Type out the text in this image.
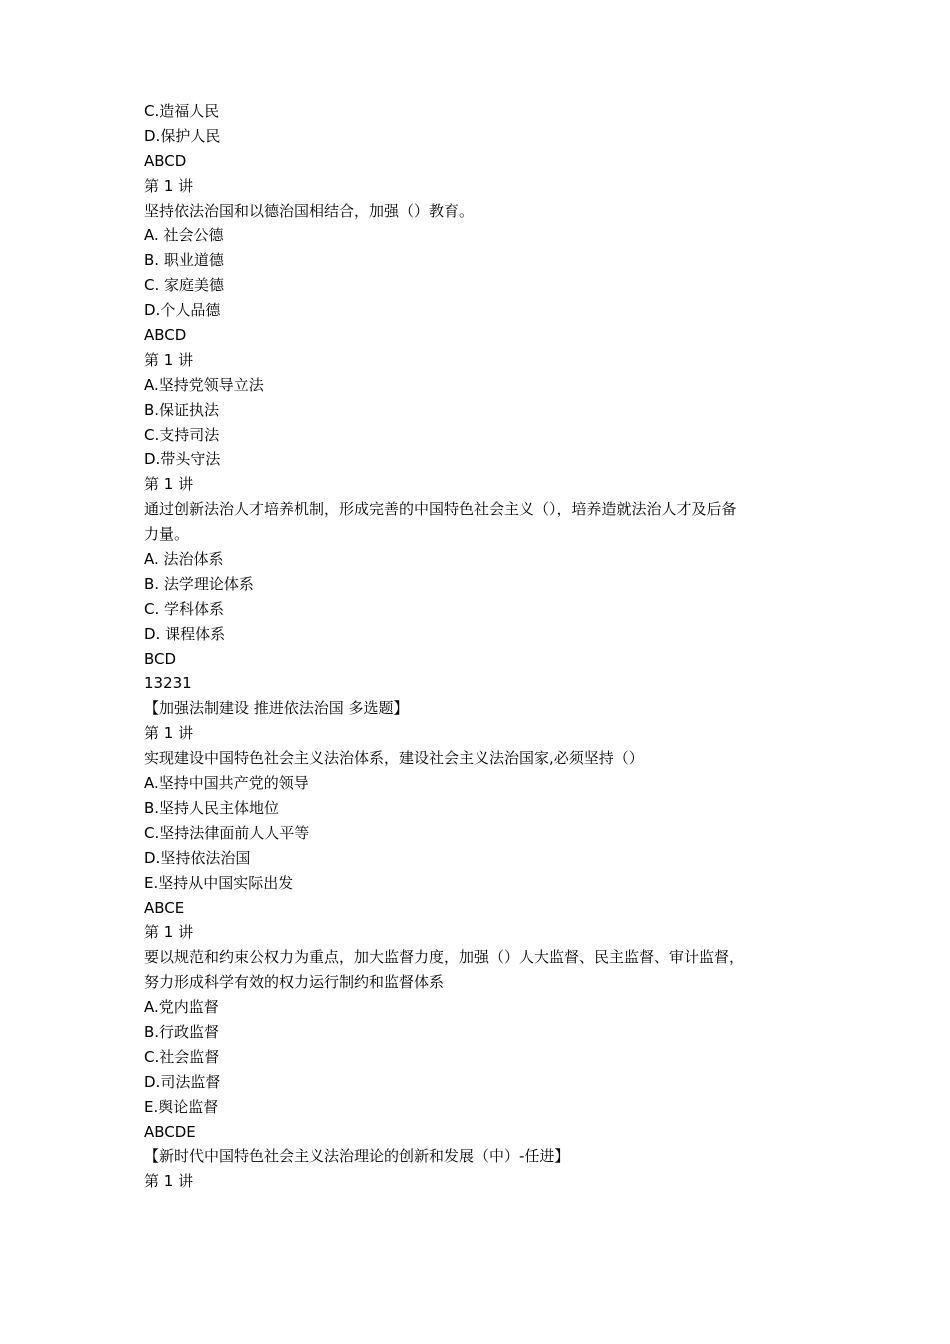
C.造福人民
D.保护人民
ABCD
第 1 讲
坚持依法治国和以德治国相结合，加强（）教育。
A. 社会公德
B. 职业道德
C. 家庭美德
D.个人品德
ABCD
第 1 讲
A.坚持党领导立法
B.保证执法
C.支持司法
D.带头守法
第 1 讲
通过创新法治人才培养机制，形成完善的中国特色社会主义（），培养造就法治人才及后备
力量。
A. 法治体系
B. 法学理论体系
C. 学科体系
D. 课程体系
BCD
13231
【加强法制建设 推进依法治国 多选题】
第 1 讲
实现建设中国特色社会主义法治体系，建设社会主义法治国家,必须坚持（）
A.坚持中国共产党的领导
B.坚持人民主体地位
C.坚持法律面前人人平等
D.坚持依法治国
E.坚持从中国实际出发
ABCE
第 1 讲
要以规范和约束公权力为重点，加大监督力度，加强（）人大监督、民主监督、审计监督，
努力形成科学有效的权力运行制约和监督体系
A.党内监督
B.行政监督
C.社会监督
D.司法监督
E.舆论监督
ABCDE
【新时代中国特色社会主义法治理论的创新和发展（中）-任进】
第 1 讲
